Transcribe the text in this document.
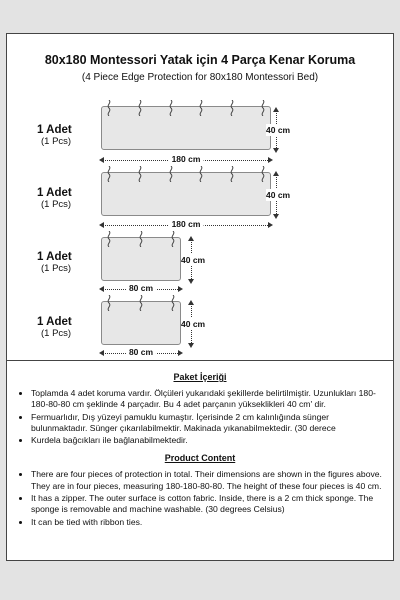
80x180 Montessori Yatak için 4 Parça Kenar Koruma
(4 Piece Edge Protection for 80x180 Montessori Bed)
1 Adet
(1 Pcs)
180 cm
40 cm
1 Adet
(1 Pcs)
180 cm
40 cm
1 Adet
(1 Pcs)
80 cm
40 cm
1 Adet
(1 Pcs)
80 cm
40 cm
Paket İçeriği
• Toplamda 4 adet koruma vardır. Ölçüleri yukarıdaki şekillerde belirtilmiştir. Uzunlukları 180-180-80-80 cm şeklinde 4 parçadır. Bu 4 adet parçanın yükseklikleri 40 cm' dir.
• Fermuarlıdır, Dış yüzeyi pamuklu kumaştır. İçerisinde 2 cm kalınlığında sünger bulunmaktadır. Sünger çıkarılabilmektir. Makinada yıkanabilmektedir. (30 derece
• Kurdela bağcıkları ile bağlanabilmektedir.
Product Content
• There are four pieces of protection in total. Their dimensions are shown in the figures above. They are in four pieces, measuring 180-180-80-80. The height of these four pieces is 40 cm.
• It has a zipper. The outer surface is cotton fabric. Inside, there is a 2 cm thick sponge. The sponge is removable and machine washable. (30 degrees Celsius)
• It can be tied with ribbon ties.
